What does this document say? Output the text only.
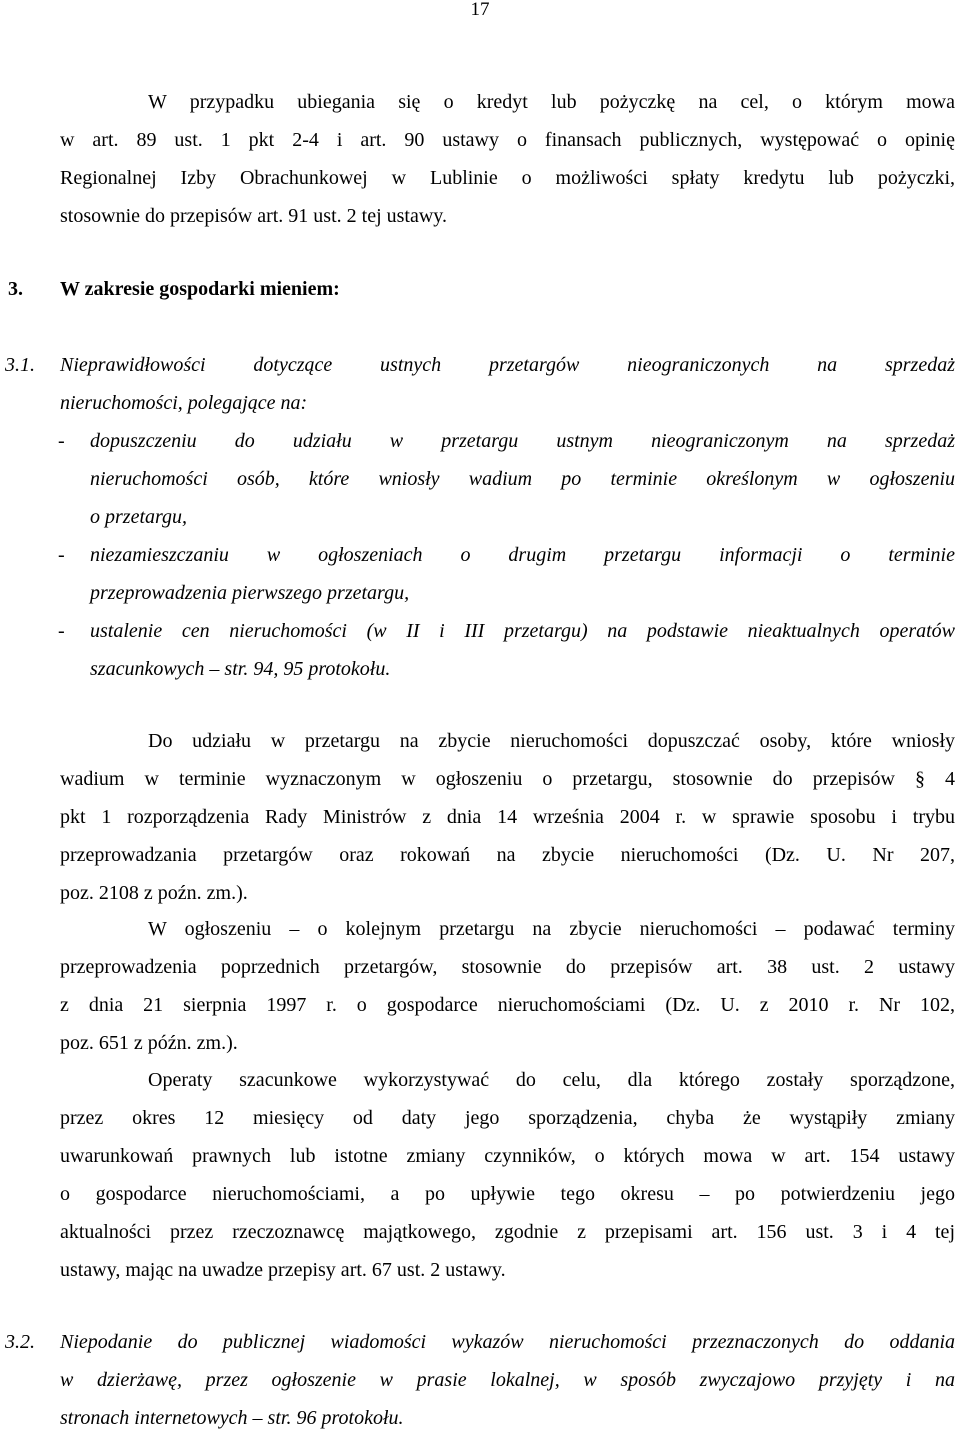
17
W przypadku ubiegania się o kredyt lub pożyczkę na cel, o którym mowa
w art. 89 ust. 1 pkt 2-4 i art. 90 ustawy o finansach publicznych, występować o opinię
Regionalnej Izby Obrachunkowej w Lublinie o możliwości spłaty kredytu lub pożyczki,
stosownie do przepisów art. 91 ust. 2 tej ustawy.
3. W zakresie gospodarki mieniem:
3.1. Nieprawidłowości dotyczące ustnych przetargów nieograniczonych na sprzedaż
nieruchomości, polegające na:
- dopuszczeniu do udziału w przetargu ustnym nieograniczonym na sprzedaż
nieruchomości osób, które wniosły wadium po terminie określonym w ogłoszeniu
o przetargu,
- niezamieszczaniu w ogłoszeniach o drugim przetargu informacji o terminie
przeprowadzenia pierwszego przetargu,
- ustalenie cen nieruchomości (w II i III przetargu) na podstawie nieaktualnych operatów
szacunkowych – str. 94, 95 protokołu.
Do udziału w przetargu na zbycie nieruchomości dopuszczać osoby, które wniosły
wadium w terminie wyznaczonym w ogłoszeniu o przetargu, stosownie do przepisów § 4
pkt 1 rozporządzenia Rady Ministrów z dnia 14 września 2004 r. w sprawie sposobu i trybu
przeprowadzania przetargów oraz rokowań na zbycie nieruchomości (Dz. U. Nr 207,
poz. 2108 z poźn. zm.).
W ogłoszeniu – o kolejnym przetargu na zbycie nieruchomości – podawać terminy
przeprowadzenia poprzednich przetargów, stosownie do przepisów art. 38 ust. 2 ustawy
z dnia 21 sierpnia 1997 r. o gospodarce nieruchomościami (Dz. U. z 2010 r. Nr 102,
poz. 651 z późn. zm.).
Operaty szacunkowe wykorzystywać do celu, dla którego zostały sporządzone,
przez okres 12 miesięcy od daty jego sporządzenia, chyba że wystąpiły zmiany
uwarunkowań prawnych lub istotne zmiany czynników, o których mowa w art. 154 ustawy
o gospodarce nieruchomościami, a po upływie tego okresu – po potwierdzeniu jego
aktualności przez rzeczoznawcę majątkowego, zgodnie z przepisami art. 156 ust. 3 i 4 tej
ustawy, mając na uwadze przepisy art. 67 ust. 2 ustawy.
3.2. Niepodanie do publicznej wiadomości wykazów nieruchomości przeznaczonych do oddania
w dzierżawę, przez ogłoszenie w prasie lokalnej, w sposób zwyczajowo przyjęty i na
stronach internetowych – str. 96 protokołu.
